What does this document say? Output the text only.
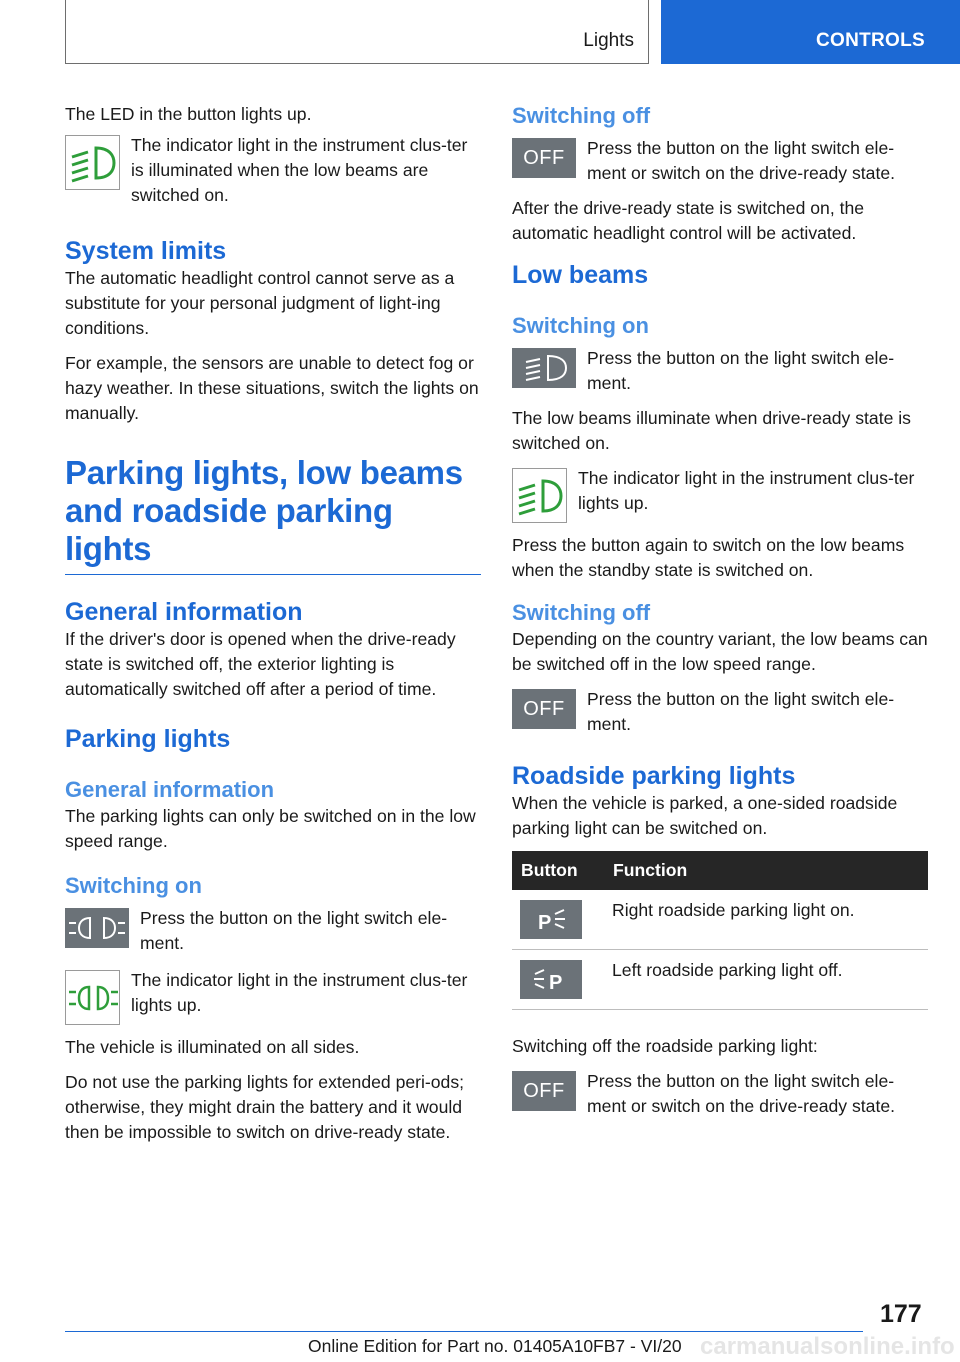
Lights	CONTROLS

The LED in the button lights up.

The indicator light in the instrument clus-ter is illuminated when the low beams are switched on.

System limits

The automatic headlight control cannot serve as a substitute for your personal judgment of light-ing conditions.

For example, the sensors are unable to detect fog or hazy weather. In these situations, switch the lights on manually.

Parking lights, low beams
and roadside parking lights
General information

If the driver's door is opened when the drive-ready state is switched off, the exterior lighting is automatically switched off after a period of time.

Parking lights
General information

The parking lights can only be switched on in the low speed range.

Switching on

Press the button on the light switch ele-ment.

The indicator light in the instrument clus-ter lights up.

The vehicle is illuminated on all sides.

Do not use the parking lights for extended peri-ods; otherwise, they might drain the battery and it would then be impossible to switch on drive-ready state.

Switching off
OFF	Press the button on the light switch ele-ment or switch on the drive-ready state.

After the drive-ready state is switched on, the automatic headlight control will be activated.

Low beams
Switching on

Press the button on the light switch ele-ment.

The low beams illuminate when drive-ready state is switched on.

The indicator light in the instrument clus-ter lights up.

Press the button again to switch on the low beams when the standby state is switched on.

Switching off

Depending on the country variant, the low beams can be switched off in the low speed range.

OFF	Press the button on the light switch ele-ment.

Roadside parking lights

When the vehicle is parked, a one-sided roadside parking light can be switched on.

Button	Function

P	Right roadside parking light on.

P	Left roadside parking light off.

Switching off the roadside parking light:

OFF	Press the button on the light switch ele-ment or switch on the drive-ready state.

177
Online Edition for Part no. 01405A10FB7 - VI/20 carmanualsonline.info
